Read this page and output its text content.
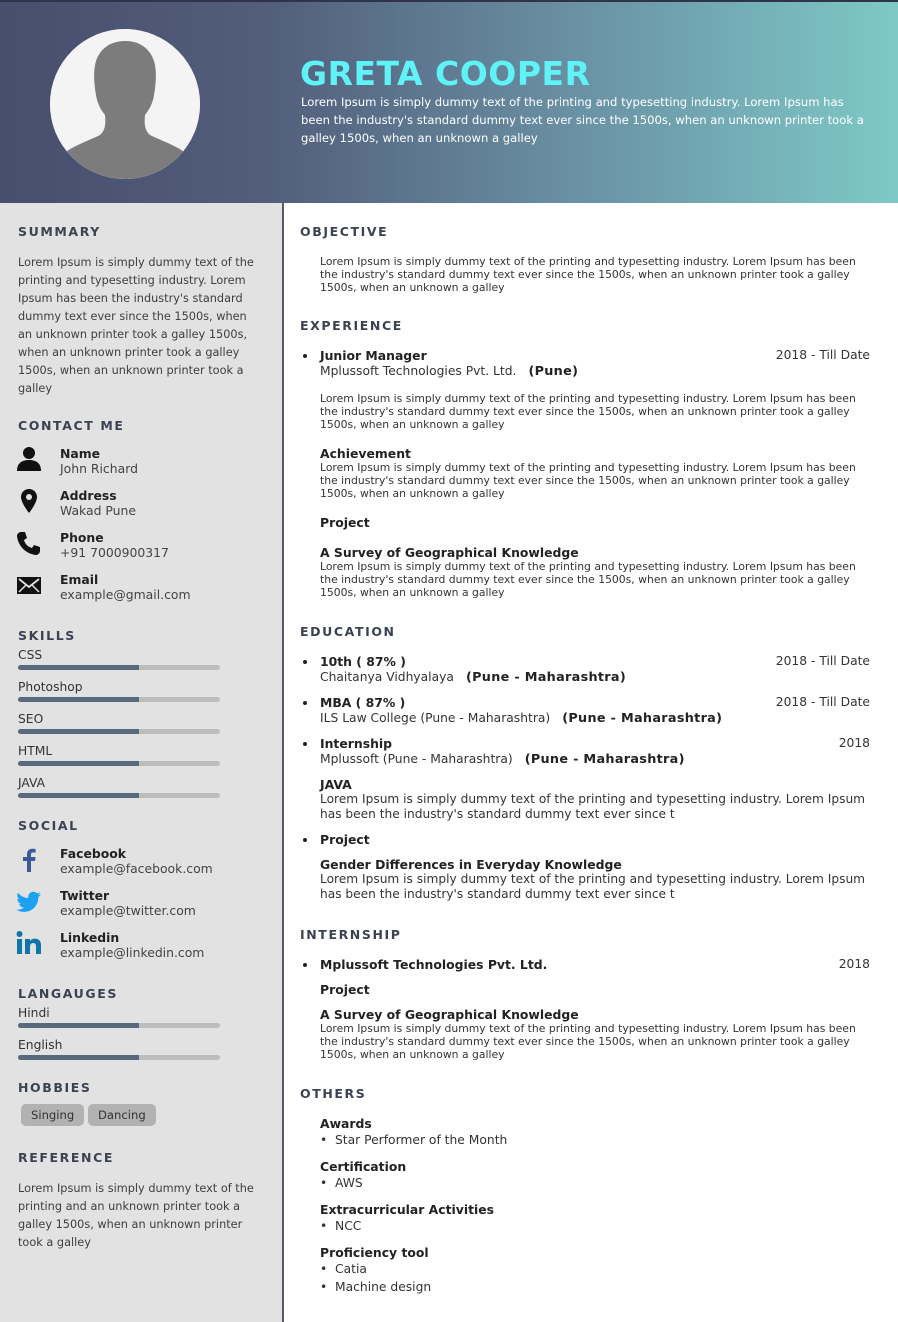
GRETA COOPER
Lorem Ipsum is simply dummy text of the printing and typesetting industry. Lorem Ipsum has been the industry's standard dummy text ever since the 1500s, when an unknown printer took a galley 1500s, when an unknown a galley
SUMMARY
Lorem Ipsum is simply dummy text of the printing and typesetting industry. Lorem Ipsum has been the industry's standard dummy text ever since the 1500s, when an unknown printer took a galley 1500s, when an unknown printer took a galley 1500s, when an unknown printer took a galley
CONTACT ME
Name
John Richard
Address
Wakad Pune
Phone
+91 7000900317
Email
example@gmail.com
SKILLS
CSS
Photoshop
SEO
HTML
JAVA
SOCIAL
Facebook
example@facebook.com
Twitter
example@twitter.com
Linkedin
example@linkedin.com
LANGAUGES
Hindi
English
HOBBIES
Singing	Dancing
REFERENCE
Lorem Ipsum is simply dummy text of the printing and an unknown printer took a galley 1500s, when an unknown printer took a galley
OBJECTIVE
Lorem Ipsum is simply dummy text of the printing and typesetting industry. Lorem Ipsum has been the industry's standard dummy text ever since the 1500s, when an unknown printer took a galley 1500s, when an unknown a galley
EXPERIENCE
Junior Manager	2018 - Till Date
Mplussoft Technologies Pvt. Ltd. (Pune)
Lorem Ipsum is simply dummy text of the printing and typesetting industry. Lorem Ipsum has been the industry's standard dummy text ever since the 1500s, when an unknown printer took a galley 1500s, when an unknown a galley
Achievement
Lorem Ipsum is simply dummy text of the printing and typesetting industry. Lorem Ipsum has been the industry's standard dummy text ever since the 1500s, when an unknown printer took a galley 1500s, when an unknown a galley
Project
A Survey of Geographical Knowledge
Lorem Ipsum is simply dummy text of the printing and typesetting industry. Lorem Ipsum has been the industry's standard dummy text ever since the 1500s, when an unknown printer took a galley 1500s, when an unknown a galley
EDUCATION
10th ( 87% )	2018 - Till Date
Chaitanya Vidhyalaya (Pune - Maharashtra)
MBA ( 87% )	2018 - Till Date
ILS Law College (Pune - Maharashtra) (Pune - Maharashtra)
Internship	2018
Mplussoft (Pune - Maharashtra) (Pune - Maharashtra)
JAVA
Lorem Ipsum is simply dummy text of the printing and typesetting industry. Lorem Ipsum has been the industry's standard dummy text ever since t
Project
Gender Differences in Everyday Knowledge
Lorem Ipsum is simply dummy text of the printing and typesetting industry. Lorem Ipsum has been the industry's standard dummy text ever since t
INTERNSHIP
Mplussoft Technologies Pvt. Ltd.	2018
Project
A Survey of Geographical Knowledge
Lorem Ipsum is simply dummy text of the printing and typesetting industry. Lorem Ipsum has been the industry's standard dummy text ever since the 1500s, when an unknown printer took a galley 1500s, when an unknown a galley
OTHERS
Awards
• Star Performer of the Month
Certification
• AWS
Extracurricular Activities
• NCC
Proficiency tool
• Catia
• Machine design
